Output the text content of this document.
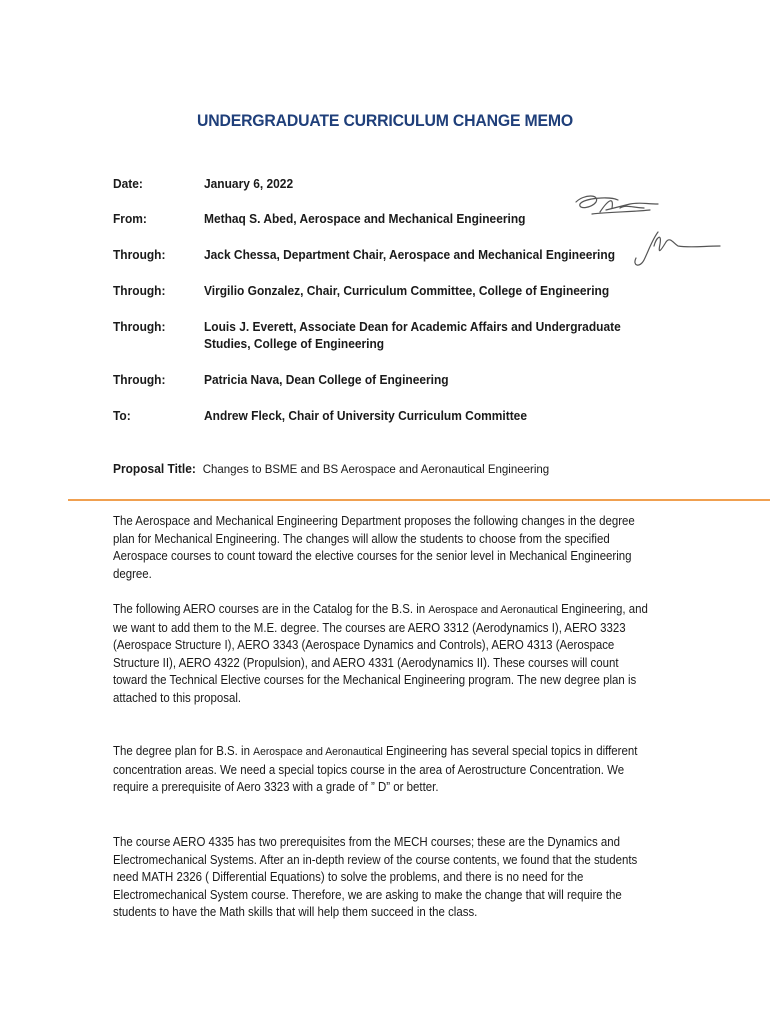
UNDERGRADUATE CURRICULUM CHANGE MEMO
Date:	January 6, 2022
From:	Methaq S. Abed, Aerospace and Mechanical Engineering
Through:	Jack Chessa, Department Chair, Aerospace and Mechanical Engineering
Through:	Virgilio Gonzalez, Chair, Curriculum Committee, College of Engineering
Through:	Louis J. Everett, Associate Dean for Academic Affairs and Undergraduate Studies, College of Engineering
Through:	Patricia Nava, Dean College of Engineering
To:	Andrew Fleck, Chair of University Curriculum Committee
Proposal Title: Changes to BSME and BS Aerospace and Aeronautical Engineering
The Aerospace and Mechanical Engineering Department proposes the following changes in the degree plan for Mechanical Engineering. The changes will allow the students to choose from the specified Aerospace courses to count toward the elective courses for the senior level in Mechanical Engineering degree.
The following AERO courses are in the Catalog for the B.S. in Aerospace and Aeronautical Engineering, and we want to add them to the M.E. degree. The courses are AERO 3312 (Aerodynamics I), AERO 3323 (Aerospace Structure I), AERO 3343 (Aerospace Dynamics and Controls), AERO 4313 (Aerospace Structure II), AERO 4322 (Propulsion), and AERO 4331 (Aerodynamics II). These courses will count toward the Technical Elective courses for the Mechanical Engineering program. The new degree plan is attached to this proposal.
The degree plan for B.S. in Aerospace and Aeronautical Engineering has several special topics in different concentration areas. We need a special topics course in the area of Aerostructure Concentration. We require a prerequisite of Aero 3323 with a grade of ” D” or better.
The course AERO 4335 has two prerequisites from the MECH courses; these are the Dynamics and Electromechanical Systems. After an in-depth review of the course contents, we found that the students need MATH 2326 ( Differential Equations) to solve the problems, and there is no need for the Electromechanical System course. Therefore, we are asking to make the change that will require the students to have the Math skills that will help them succeed in the class.
